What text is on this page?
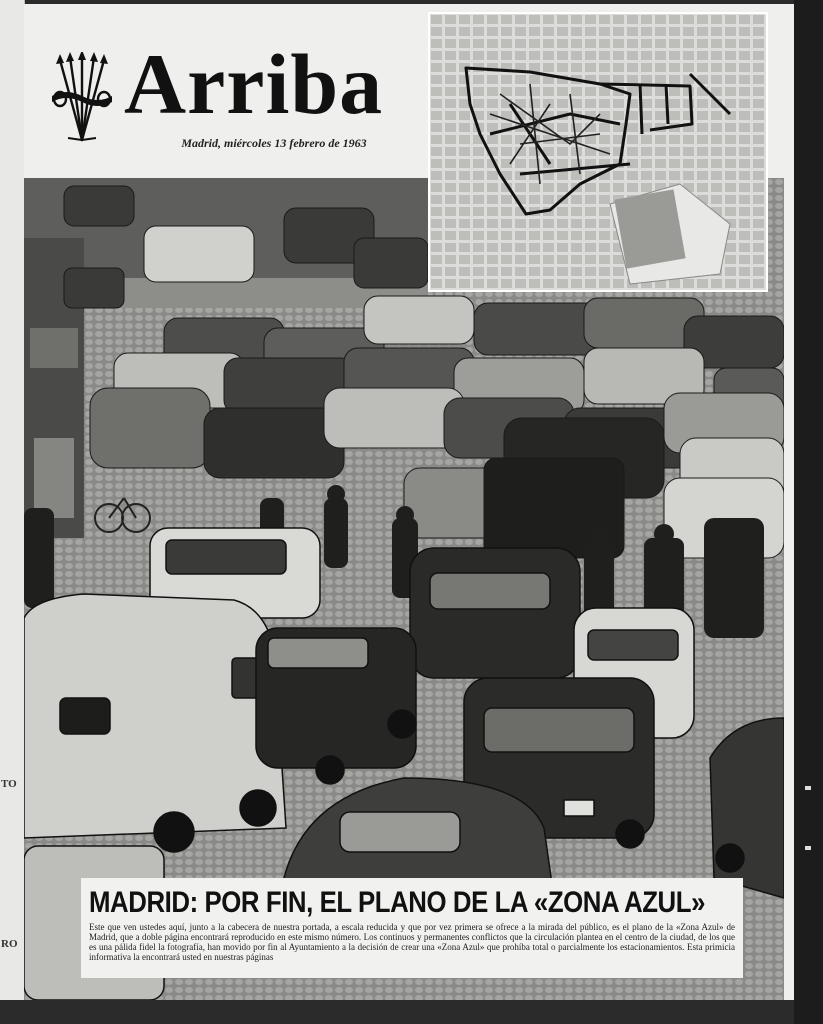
TO
RO
Arriba
Madrid, miércoles 13 febrero de 1963
MADRID: POR FIN, EL PLANO DE LA «ZONA AZUL»
Este que ven ustedes aquí, junto a la cabecera de nuestra portada, a escala reducida y que por vez primera se ofrece a la mirada del público, es el plano de la «Zona Azul» de Madrid, que a doble página encontrará reproducido en este mismo número. Los continuos y permanentes conflictos que la circulación plantea en el centro de la ciudad, de los que es una pálida fidel la fotografía, han movido por fin al Ayuntamiento a la decisión de crear una «Zona Azul» que prohíba total o parcialmente los estacionamientos. Esta primicia informativa la encontrará usted en nuestras páginas
